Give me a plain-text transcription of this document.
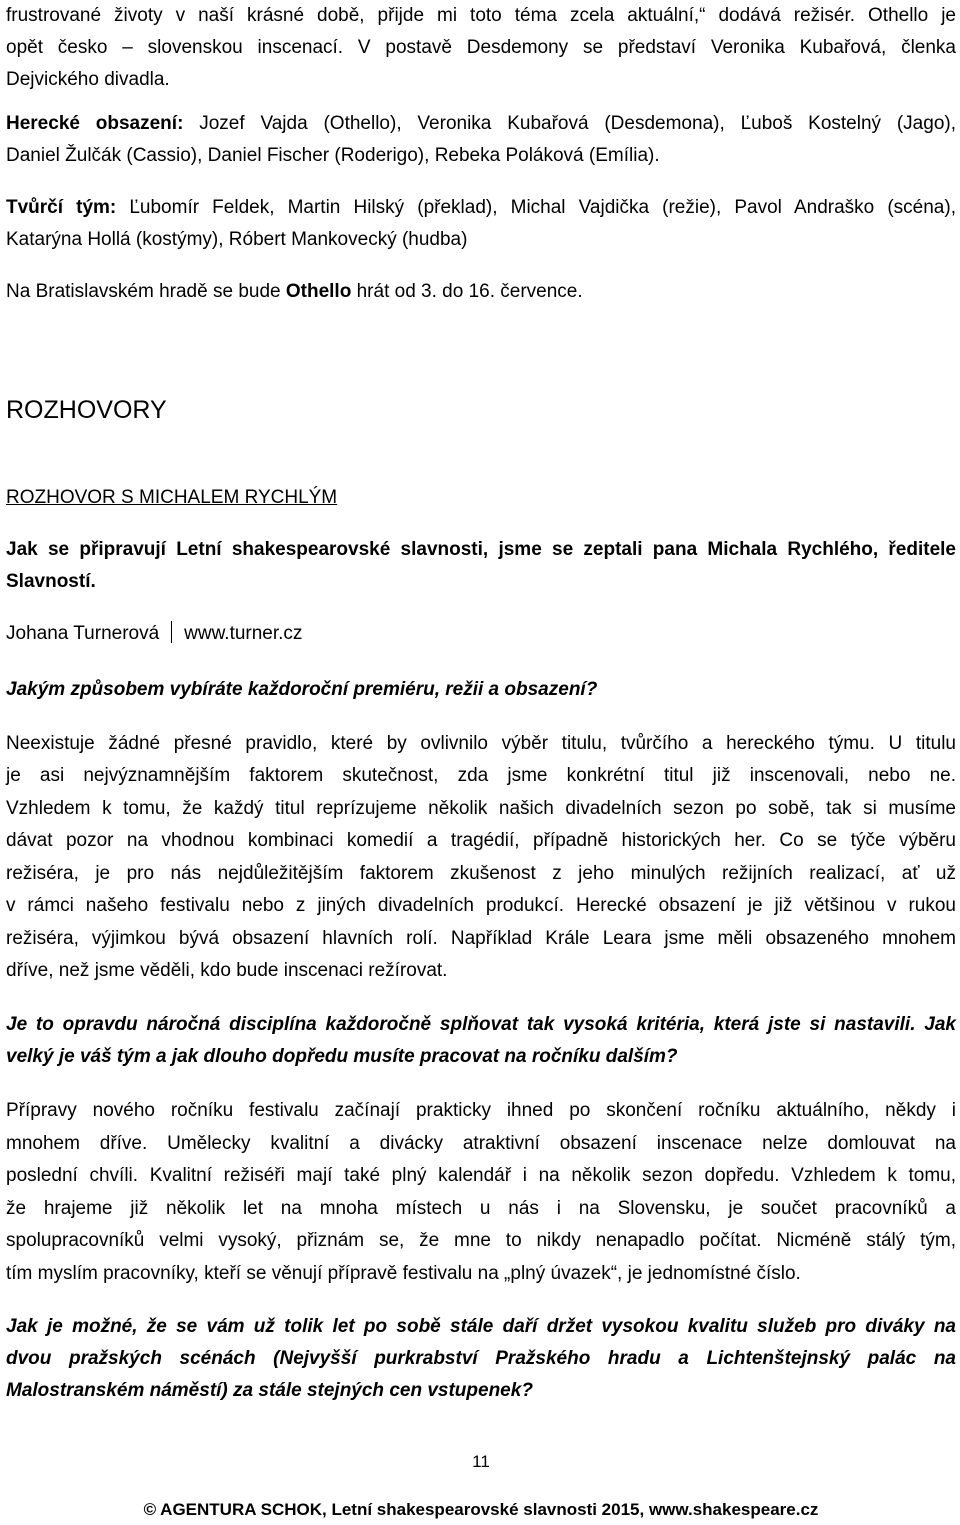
frustrované životy v naší krásné době, přijde mi toto téma zcela aktuální,“ dodává režisér. Othello je
opět česko – slovenskou inscenací. V postavě Desdemony se představí Veronika Kubařová, členka
Dejvického divadla.
Herecké obsazení: Jozef Vajda (Othello), Veronika Kubařová (Desdemona), Ľuboš Kostelný (Jago),
Daniel Žulčák (Cassio), Daniel Fischer (Roderigo), Rebeka Poláková (Emília).
Tvůrčí tým: Ľubomír Feldek, Martin Hilský (překlad), Michal Vajdička (režie), Pavol Andraško (scéna),
Katarýna Hollá (kostýmy), Róbert Mankovecký (hudba)
Na Bratislavském hradě se bude Othello hrát od 3. do 16. července.
ROZHOVORY
ROZHOVOR S MICHALEM RYCHLÝM
Jak se připravují Letní shakespearovské slavnosti, jsme se zeptali pana Michala Rychlého, ředitele
Slavností.
Johana Turnerová www.turner.cz
Jakým způsobem vybíráte každoroční premiéru, režii a obsazení?
Neexistuje žádné přesné pravidlo, které by ovlivnilo výběr titulu, tvůrčího a hereckého týmu. U titulu
je asi nejvýznamnějším faktorem skutečnost, zda jsme konkrétní titul již inscenovali, nebo ne.
Vzhledem k tomu, že každý titul reprízujeme několik našich divadelních sezon po sobě, tak si musíme
dávat pozor na vhodnou kombinaci komedií a tragédií, případně historických her. Co se týče výběru
režiséra, je pro nás nejdůležitějším faktorem zkušenost z jeho minulých režijních realizací, ať už
v rámci našeho festivalu nebo z jiných divadelních produkcí. Herecké obsazení je již většinou v rukou
režiséra, výjimkou bývá obsazení hlavních rolí. Například Krále Leara jsme měli obsazeného mnohem
dříve, než jsme věděli, kdo bude inscenaci režírovat.
Je to opravdu náročná disciplína každoročně splňovat tak vysoká kritéria, která jste si nastavili. Jak
velký je váš tým a jak dlouho dopředu musíte pracovat na ročníku dalším?
Přípravy nového ročníku festivalu začínají prakticky ihned po skončení ročníku aktuálního, někdy i
mnohem dříve. Umělecky kvalitní a divácky atraktivní obsazení inscenace nelze domlouvat na
poslední chvíli. Kvalitní režiséři mají také plný kalendář i na několik sezon dopředu. Vzhledem k tomu,
že hrajeme již několik let na mnoha místech u nás i na Slovensku, je součet pracovníků a
spolupracovníků velmi vysoký, přiznám se, že mne to nikdy nenapadlo počítat. Nicméně stálý tým,
tím myslím pracovníky, kteří se věnují přípravě festivalu na „plný úvazek“, je jednomístné číslo.
Jak je možné, že se vám už tolik let po sobě stále daří držet vysokou kvalitu služeb pro diváky na
dvou pražských scénách (Nejvyšší purkrabství Pražského hradu a Lichtenštejnský palác na
Malostranském náměstí) za stále stejných cen vstupenek?
11
© AGENTURA SCHOK, Letní shakespearovské slavnosti 2015, www.shakespeare.cz
